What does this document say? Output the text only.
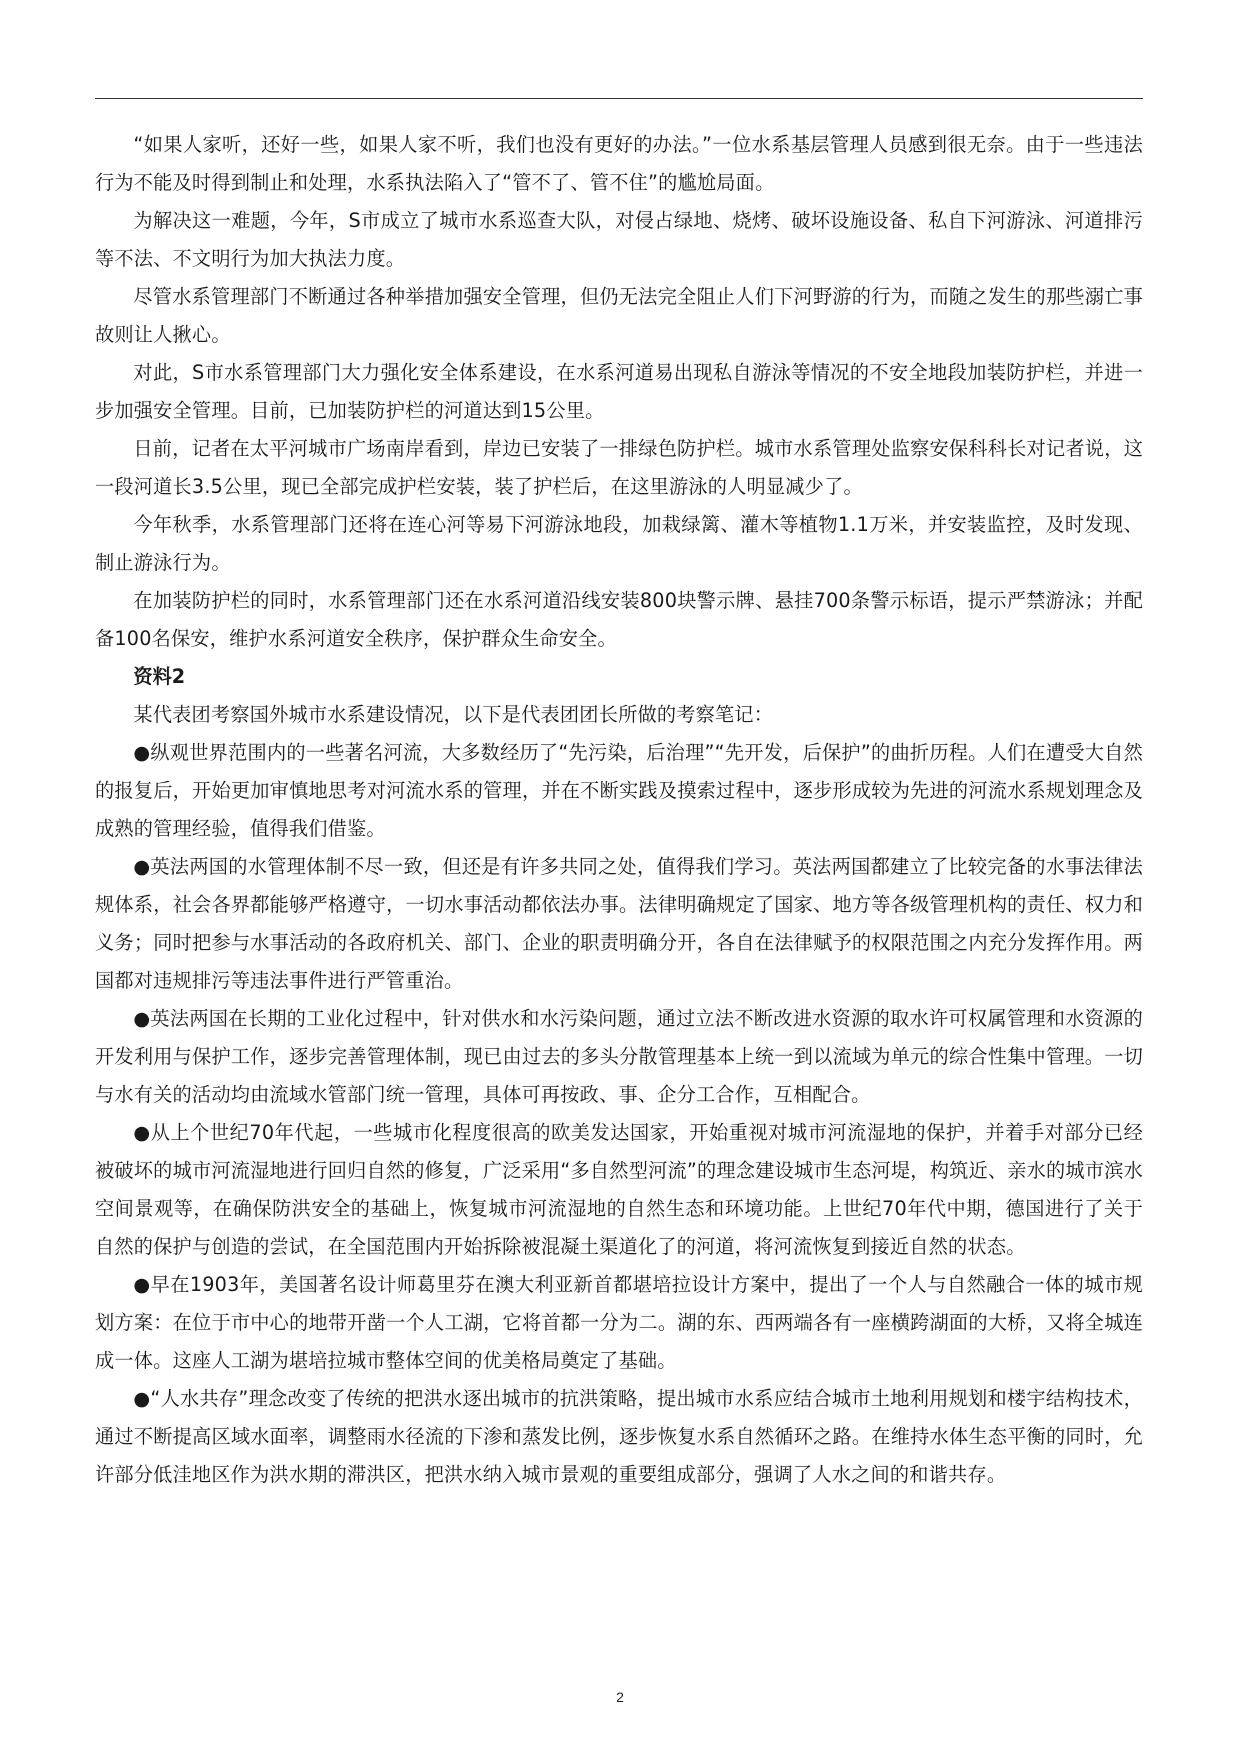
“如果人家听，还好一些，如果人家不听，我们也没有更好的办法。”一位水系基层管理人员感到很无奈。由于一些违法行为不能及时得到制止和处理，水系执法陷入了“管不了、管不住”的尴尬局面。

为解决这一难题，今年，S市成立了城市水系巡查大队，对侵占绿地、烧烤、破坏设施设备、私自下河游泳、河道排污等不法、不文明行为加大执法力度。

尽管水系管理部门不断通过各种举措加强安全管理，但仍无法完全阻止人们下河野游的行为，而随之发生的那些溺亡事故则让人揪心。

对此，S市水系管理部门大力强化安全体系建设，在水系河道易出现私自游泳等情况的不安全地段加装防护栏，并进一步加强安全管理。目前，已加装防护栏的河道达到15公里。

日前，记者在太平河城市广场南岸看到，岸边已安装了一排绿色防护栏。城市水系管理处监察安保科科长对记者说，这一段河道长3.5公里，现已全部完成护栏安装，装了护栏后，在这里游泳的人明显减少了。

今年秋季，水系管理部门还将在连心河等易下河游泳地段，加栽绿篱、灌木等植物1.1万米，并安装监控，及时发现、制止游泳行为。

在加装防护栏的同时，水系管理部门还在水系河道沿线安装800块警示牌、悬挂700条警示标语，提示严禁游泳；并配备100名保安，维护水系河道安全秩序，保护群众生命安全。

资料2

某代表团考察国外城市水系建设情况，以下是代表团团长所做的考察笔记：

●纵观世界范围内的一些著名河流，大多数经历了“先污染，后治理”“先开发，后保护”的曲折历程。人们在遭受大自然的报复后，开始更加审慎地思考对河流水系的管理，并在不断实践及摸索过程中，逐步形成较为先进的河流水系规划理念及成熟的管理经验，值得我们借鉴。

●英法两国的水管理体制不尽一致，但还是有许多共同之处，值得我们学习。英法两国都建立了比较完备的水事法律法规体系，社会各界都能够严格遵守，一切水事活动都依法办事。法律明确规定了国家、地方等各级管理机构的责任、权力和义务；同时把参与水事活动的各政府机关、部门、企业的职责明确分开，各自在法律赋予的权限范围之内充分发挥作用。两国都对违规排污等违法事件进行严管重治。

●英法两国在长期的工业化过程中，针对供水和水污染问题，通过立法不断改进水资源的取水许可权属管理和水资源的开发利用与保护工作，逐步完善管理体制，现已由过去的多头分散管理基本上统一到以流域为单元的综合性集中管理。一切与水有关的活动均由流域水管部门统一管理，具体可再按政、事、企分工合作，互相配合。

●从上个世纪70年代起，一些城市化程度很高的欧美发达国家，开始重视对城市河流湿地的保护，并着手对部分已经被破坏的城市河流湿地进行回归自然的修复，广泛采用“多自然型河流”的理念建设城市生态河堤，构筑近、亲水的城市滨水空间景观等，在确保防洪安全的基础上，恢复城市河流湿地的自然生态和环境功能。上世纪70年代中期，德国进行了关于自然的保护与创造的尝试，在全国范围内开始拆除被混凝土渠道化了的河道，将河流恢复到接近自然的状态。

●早在1903年，美国著名设计师葛里芬在澳大利亚新首都堪培拉设计方案中，提出了一个人与自然融合一体的城市规划方案：在位于市中心的地带开凿一个人工湖，它将首都一分为二。湖的东、西两端各有一座横跨湖面的大桥，又将全城连成一体。这座人工湖为堪培拉城市整体空间的优美格局奠定了基础。

●“人水共存”理念改变了传统的把洪水逐出城市的抗洪策略，提出城市水系应结合城市土地利用规划和楼宇结构技术，通过不断提高区域水面率，调整雨水径流的下渗和蒸发比例，逐步恢复水系自然循环之路。在维持水体生态平衡的同时，允许部分低洼地区作为洪水期的滞洪区，把洪水纳入城市景观的重要组成部分，强调了人水之间的和谐共存。

2
